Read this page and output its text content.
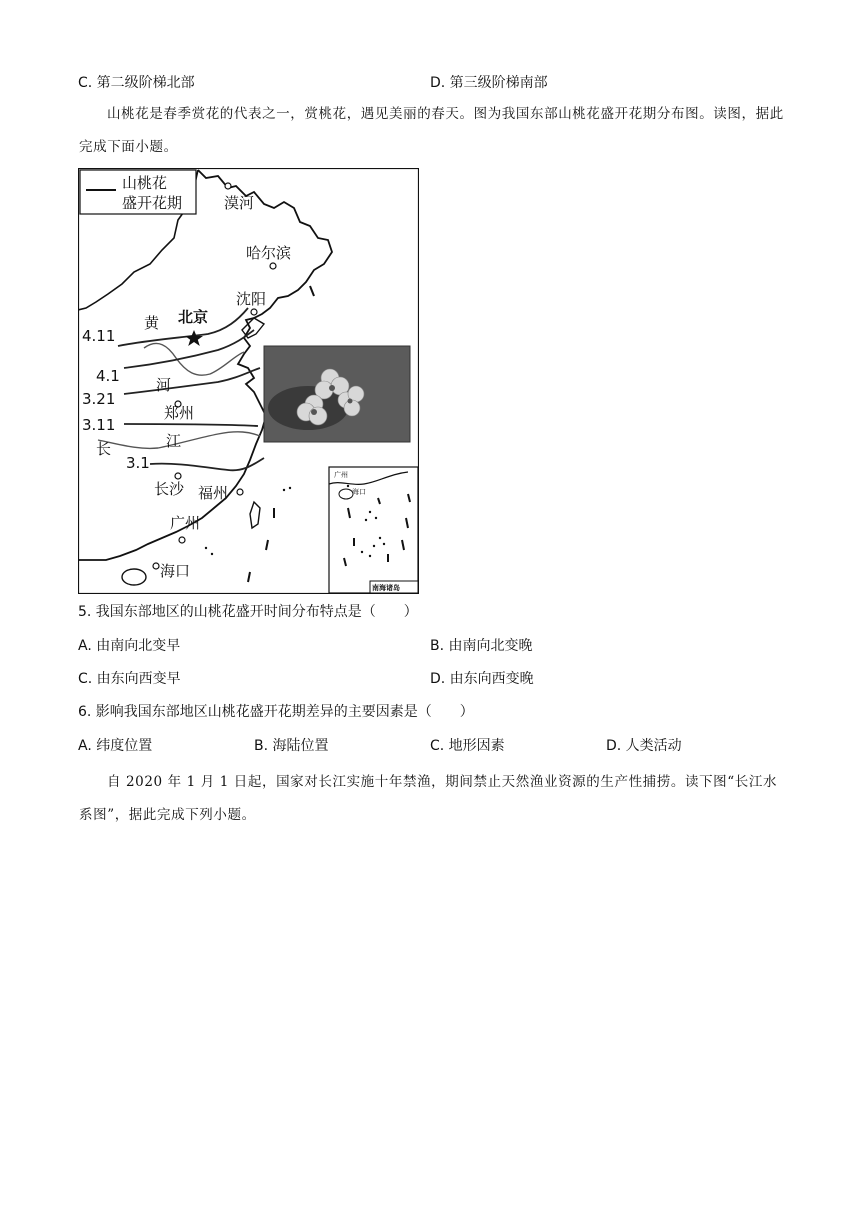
C. 第二级阶梯北部	D. 第三级阶梯南部
山桃花是春季赏花的代表之一，赏桃花，遇见美丽的春天。图为我国东部山桃花盛开花期分布图。读图，据此完成下面小题。
漠河
哈尔滨
沈阳
北京
郑州
长沙 福州
广州
海口
黄
河
长	江
4.11
4.1
3.21
3.11
3.1
山桃花
盛开花期
广州
海口
南海诸岛
5. 我国东部地区的山桃花盛开时间分布特点是（　　）
A. 由南向北变早	B. 由南向北变晚
C. 由东向西变早	D. 由东向西变晚
6. 影响我国东部地区山桃花盛开花期差异的主要因素是（　　）
A. 纬度位置	B. 海陆位置	C. 地形因素	D. 人类活动
自 2020 年 1 月 1 日起，国家对长江实施十年禁渔，期间禁止天然渔业资源的生产性捕捞。读下图“长江水系图”，据此完成下列小题。
